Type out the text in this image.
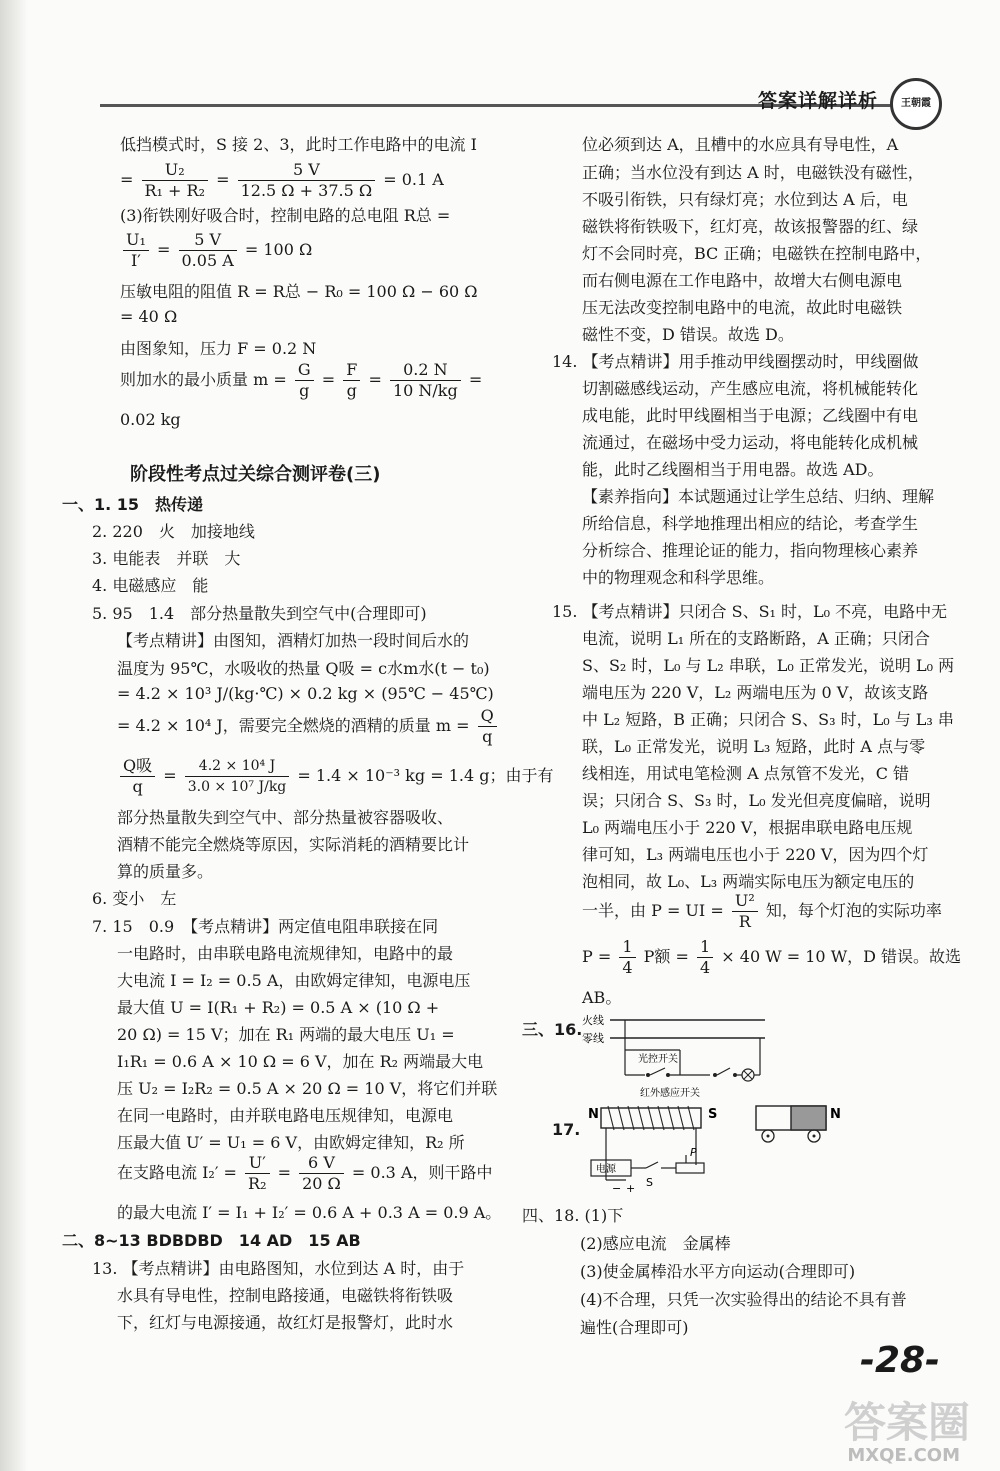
答案详解详析	王朝霞
低挡模式时，S 接 2、3，此时工作电路中的电流 I
= $\frac{\text{U₂}}{\text{R₁ + R₂}} = \frac{5 V}{12.5 \Omega + 37.5 \Omega} = 0.1$ A
(3)衔铁刚好吸合时，控制电路的总电阻 R总 =
$\frac{\text{U₁}}{I'} = \frac{5 V}{0.05 A} = 100$ Ω
压敏电阻的阻值 R = R总 − R₀ = 100 Ω − 60 Ω
= 40 Ω
由图象知，压力 F = 0.2 N
则加水的最小质量 $m = \frac{G}{g} = \frac{F}{g} = \frac{0.2 N}{10 N/kg}$ =
0.02 kg
阶段性考点过关综合测评卷(三)
一、1. 15　热传递
2. 220　火　加接地线
3. 电能表　并联　大
4. 电磁感应　能
5. 95　1.4　部分热量散失到空气中(合理即可)
【考点精讲】由图知，酒精灯加热一段时间后水的
温度为 95℃，水吸收的热量 Q吸 = c水m水(t − t₀)
= 4.2 × 10³ J/(kg·℃) × 0.2 kg × (95℃ − 45℃)
= 4.2 × 10⁴ J，需要完全燃烧的酒精的质量 $m = \frac{Q}{q}$
$\frac{\text{Q吸}}{q} = \frac{\text{4.2 × 10⁴ J}}{\text{3.0 × 10⁷ J/kg}} = 1.4 \times 10^{-3}$ kg = 1.4 g；由于有
部分热量散失到空气中、部分热量被容器吸收、
酒精不能完全燃烧等原因，实际消耗的酒精要比计
算的质量多。
6. 变小　左
7. 15　0.9　【考点精讲】两定值电阻串联接在同
一电路时，由串联电路电流规律知，电路中的最
大电流 I = I₂ = 0.5 A，由欧姆定律知，电源电压
最大值 U = I(R₁ + R₂) = 0.5 A × (10 Ω +
20 Ω) = 15 V；加在 R₁ 两端的最大电压 U₁ =
I₁R₁ = 0.6 A × 10 Ω = 6 V，加在 R₂ 两端最大电
压 U₂ = I₂R₂ = 0.5 A × 20 Ω = 10 V，将它们并联
在同一电路时，由并联电路电压规律知，电源电
压最大值 U′ = U₁ = 6 V，由欧姆定律知，R₂ 所
在支路电流 $I_2' = \frac{U'}{\text{R₂}} = \frac{6 V}{20 \Omega} = 0.3$ A，则干路中
的最大电流 I′ = I₁ + I₂′ = 0.6 A + 0.3 A = 0.9 A。
二、8~13 BDBDBD　14 AD　15 AB
13. 【考点精讲】由电路图知，水位到达 A 时，由于
水具有导电性，控制电路接通，电磁铁将衔铁吸
下，红灯与电源接通，故红灯是报警灯，此时水
位必须到达 A，且槽中的水应具有导电性，A
正确；当水位没有到达 A 时，电磁铁没有磁性，
不吸引衔铁，只有绿灯亮；水位到达 A 后，电
磁铁将衔铁吸下，红灯亮，故该报警器的红、绿
灯不会同时亮，BC 正确；电磁铁在控制电路中，
而右侧电源在工作电路中，故增大右侧电源电
压无法改变控制电路中的电流，故此时电磁铁
磁性不变，D 错误。故选 D。
14. 【考点精讲】用手推动甲线圈摆动时，甲线圈做
切割磁感线运动，产生感应电流，将机械能转化
成电能，此时甲线圈相当于电源；乙线圈中有电
流通过，在磁场中受力运动，将电能转化成机械
能，此时乙线圈相当于用电器。故选 AD。
【素养指向】本试题通过让学生总结、归纳、理解
所给信息，科学地推理出相应的结论，考查学生
分析综合、推理论证的能力，指向物理核心素养
中的物理观念和科学思维。
15. 【考点精讲】只闭合 S、S₁ 时，L₀ 不亮，电路中无
电流，说明 L₁ 所在的支路断路，A 正确；只闭合
S、S₂ 时，L₀ 与 L₂ 串联，L₀ 正常发光，说明 L₀ 两
端电压为 220 V，L₂ 两端电压为 0 V，故该支路
中 L₂ 短路，B 正确；只闭合 S、S₃ 时，L₀ 与 L₃ 串
联，L₀ 正常发光，说明 L₃ 短路，此时 A 点与零
线相连，用试电笔检测 A 点氖管不发光，C 错
误；只闭合 S、S₃ 时，L₀ 发光但亮度偏暗，说明
L₀ 两端电压小于 220 V，根据串联电路电压规
律可知，L₃ 两端电压也小于 220 V，因为四个灯
泡相同，故 L₀、L₃ 两端实际电压为额定电压的
一半，由 P = UI = $\frac{\text{U²}}{R}$ 知，每个灯泡的实际功率
$P = \frac{1}{4}$ P额 = $\frac{1}{4} \times 40$ W = 10 W，D 错误。故选
AB。
三、16.
17.
四、18. (1)下
(2)感应电流　金属棒
(3)使金属棒沿水平方向运动(合理即可)
(4)不合理，只凭一次实验得出的结论不具有普
遍性(合理即可)
火线
零线
光控开关
红外感应开关
N	S
电源
− + S
P
N
-28-
答案圈
MXQE.COM
